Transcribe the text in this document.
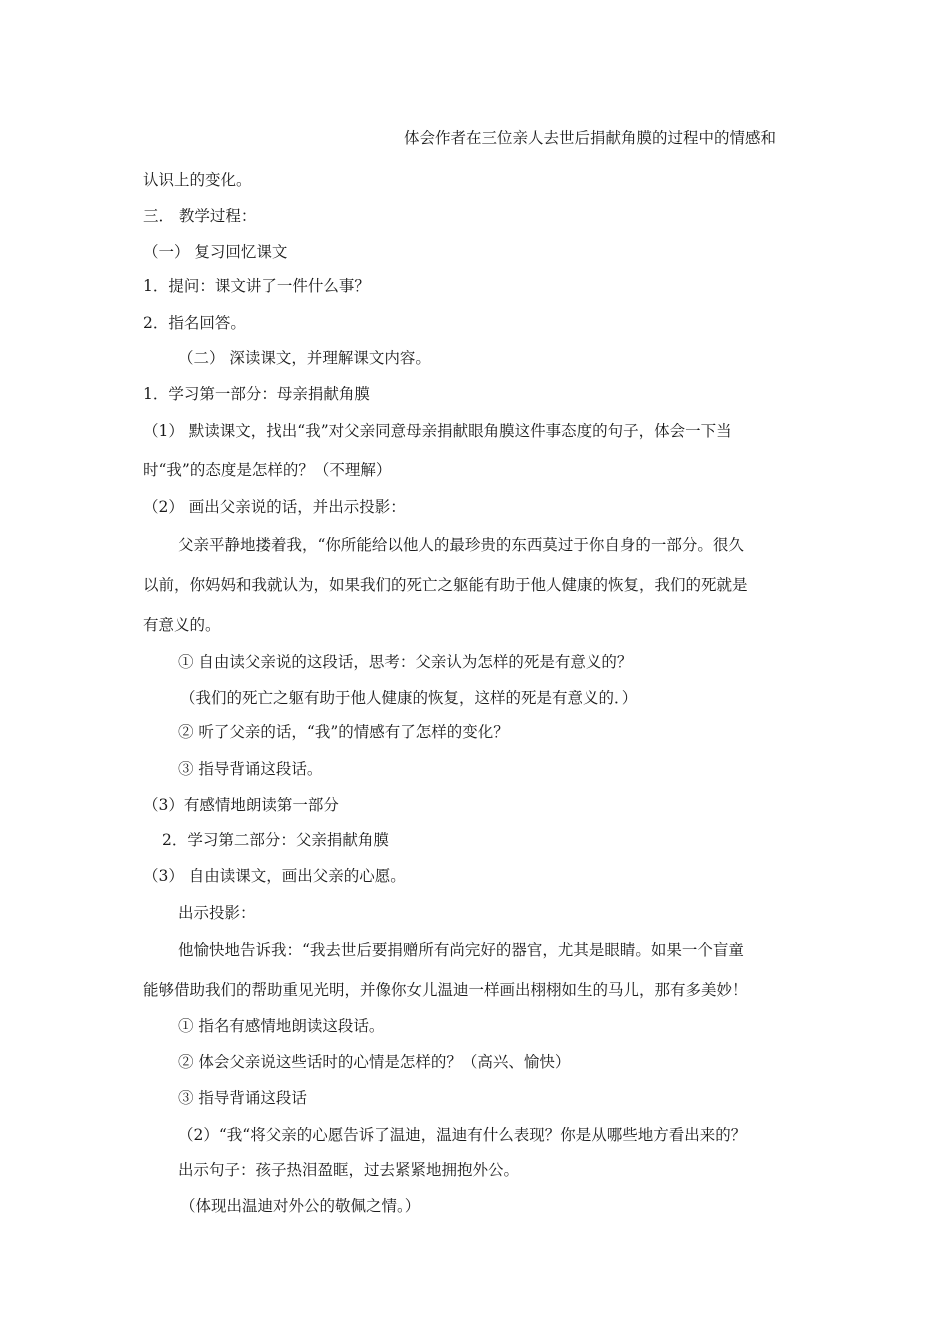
体会作者在三位亲人去世后捐献角膜的过程中的情感和
认识上的变化。
三． 教学过程：
（一） 复习回忆课文
1．提问：课文讲了一件什么事？
2．指名回答。
（二） 深读课文，并理解课文内容。
1．学习第一部分：母亲捐献角膜
（1） 默读课文，找出“我”对父亲同意母亲捐献眼角膜这件事态度的句子，体会一下当
时“我”的态度是怎样的？（不理解）
（2） 画出父亲说的话，并出示投影：
父亲平静地搂着我，“你所能给以他人的最珍贵的东西莫过于你自身的一部分。很久
以前，你妈妈和我就认为，如果我们的死亡之躯能有助于他人健康的恢复，我们的死就是
有意义的。
① 自由读父亲说的这段话，思考：父亲认为怎样的死是有意义的？
（我们的死亡之躯有助于他人健康的恢复，这样的死是有意义的．）
② 听了父亲的话，“我”的情感有了怎样的变化？
③ 指导背诵这段话。
（3）有感情地朗读第一部分
2．学习第二部分：父亲捐献角膜
（3） 自由读课文，画出父亲的心愿。
出示投影：
他愉快地告诉我：“我去世后要捐赠所有尚完好的器官，尤其是眼睛。如果一个盲童
能够借助我们的帮助重见光明，并像你女儿温迪一样画出栩栩如生的马儿，那有多美妙！
① 指名有感情地朗读这段话。
② 体会父亲说这些话时的心情是怎样的？（高兴、愉快）
③ 指导背诵这段话
（2）“我“将父亲的心愿告诉了温迪，温迪有什么表现？你是从哪些地方看出来的？
出示句子：孩子热泪盈眶，过去紧紧地拥抱外公。
（体现出温迪对外公的敬佩之情。）
